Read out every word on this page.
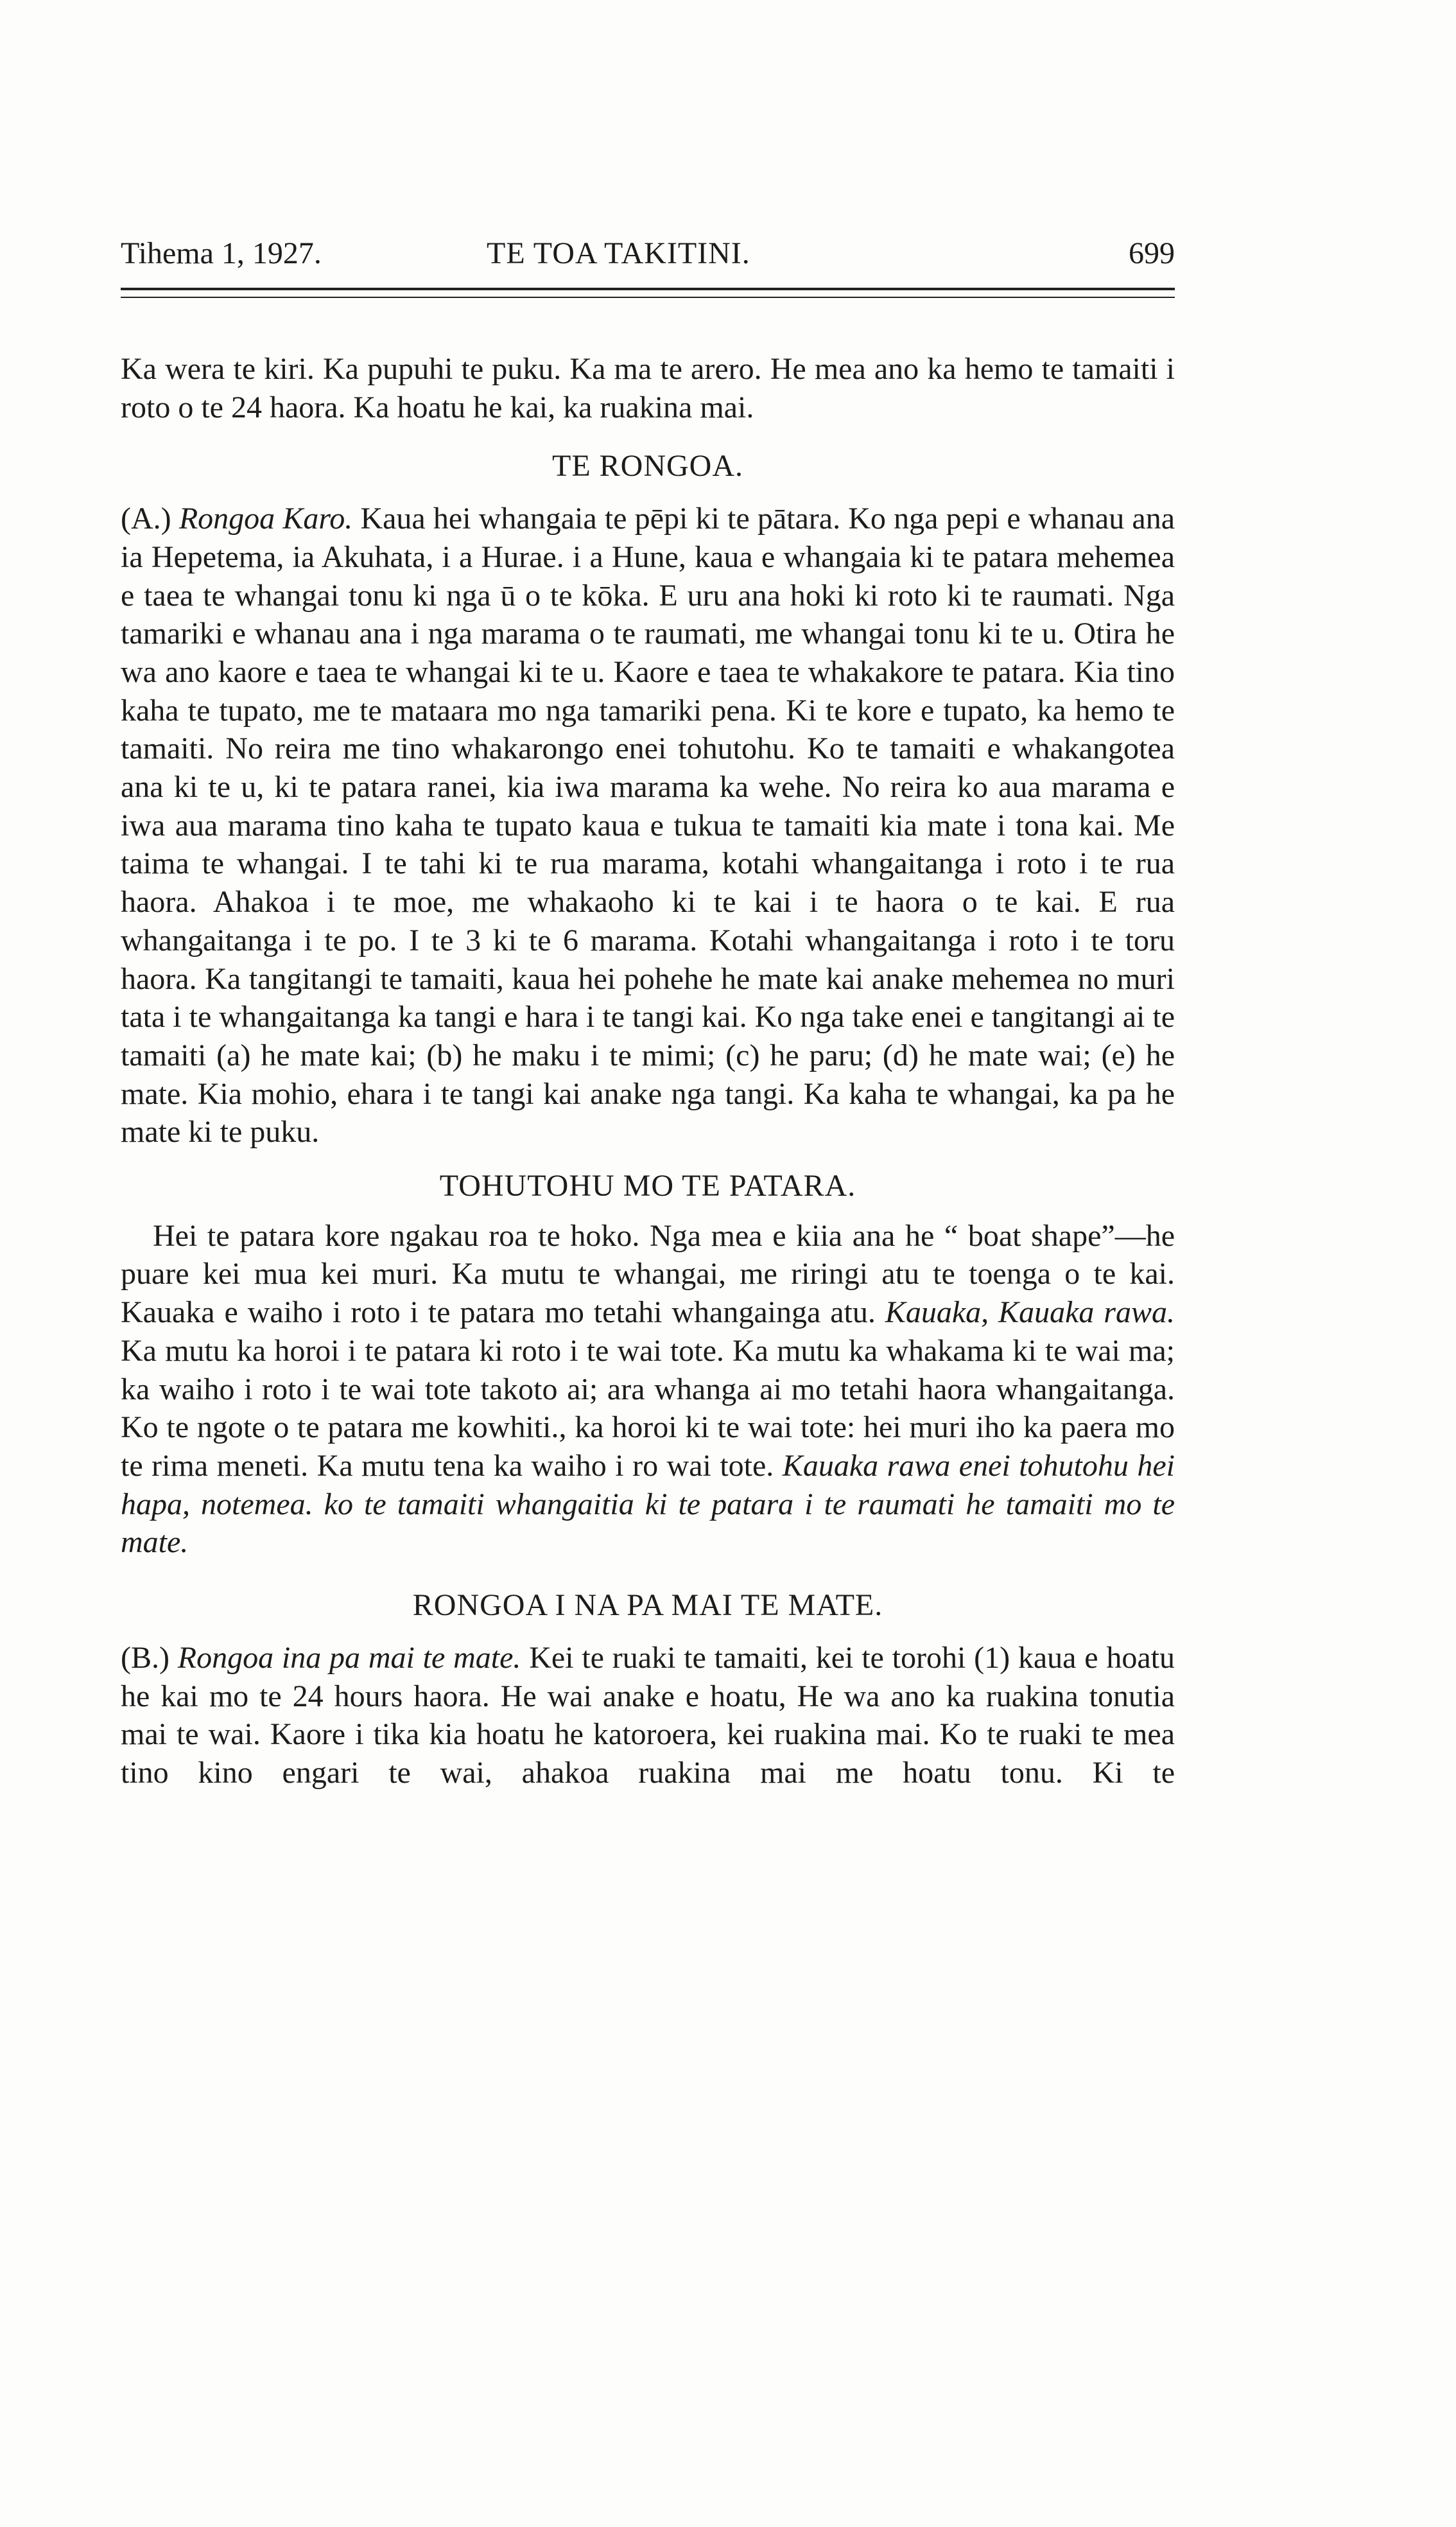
Tihema 1, 1927.	TE TOA TAKITINI.	699

Ka wera te kiri. Ka pupuhi te puku. Ka ma te arero. He mea ano ka hemo te tamaiti i roto o te 24 haora. Ka hoatu he kai, ka ruakina mai.

TE RONGOA.

(A.) Rongoa Karo. Kaua hei whangaia te pēpi ki te pātara. Ko nga pepi e whanau ana ia Hepetema, ia Akuhata, i a Hurae. i a Hune, kaua e whangaia ki te patara mehemea e taea te whangai tonu ki nga ū o te kōka. E uru ana hoki ki roto ki te raumati. Nga tamariki e whanau ana i nga marama o te raumati, me whangai tonu ki te u. Otira he wa ano kaore e taea te whangai ki te u. Kaore e taea te whakakore te patara. Kia tino kaha te tupato, me te mataara mo nga tamariki pena. Ki te kore e tupato, ka hemo te tamaiti. No reira me tino whakarongo enei tohutohu. Ko te tamaiti e whakangotea ana ki te u, ki te patara ranei, kia iwa marama ka wehe. No reira ko aua marama e iwa aua marama tino kaha te tupato kaua e tukua te tamaiti kia mate i tona kai. Me taima te whangai. I te tahi ki te rua marama, kotahi whangaitanga i roto i te rua haora. Ahakoa i te moe, me whakaoho ki te kai i te haora o te kai. E rua whangaitanga i te po. I te 3 ki te 6 marama. Kotahi whangaitanga i roto i te toru haora. Ka tangitangi te tamaiti, kaua hei pohehe he mate kai anake mehemea no muri tata i te whangaitanga ka tangi e hara i te tangi kai. Ko nga take enei e tangitangi ai te tamaiti (a) he mate kai; (b) he maku i te mimi; (c) he paru; (d) he mate wai; (e) he mate. Kia mohio, ehara i te tangi kai anake nga tangi. Ka kaha te whangai, ka pa he mate ki te puku.

TOHUTOHU MO TE PATARA.

Hei te patara kore ngakau roa te hoko. Nga mea e kiia ana he “ boat shape”—he puare kei mua kei muri. Ka mutu te whangai, me riringi atu te toenga o te kai. Kauaka e waiho i roto i te patara mo tetahi whangainga atu. Kauaka, Kauaka rawa. Ka mutu ka horoi i te patara ki roto i te wai tote. Ka mutu ka whakama ki te wai ma; ka waiho i roto i te wai tote takoto ai; ara whanga ai mo tetahi haora whangaitanga. Ko te ngote o te patara me kowhiti., ka horoi ki te wai tote: hei muri iho ka paera mo te rima meneti. Ka mutu tena ka waiho i ro wai tote. Kauaka rawa enei tohutohu hei hapa, notemea. ko te tamaiti whangaitia ki te patara i te raumati he tamaiti mo te mate.

RONGOA I NA PA MAI TE MATE.

(B.) Rongoa ina pa mai te mate. Kei te ruaki te tamaiti, kei te torohi (1) kaua e hoatu he kai mo te 24 hours haora. He wai anake e hoatu, He wa ano ka ruakina tonutia mai te wai. Kaore i tika kia hoatu he katoroera, kei ruakina mai. Ko te ruaki te mea tino kino engari te wai, ahakoa ruakina mai me hoatu tonu. Ki te
